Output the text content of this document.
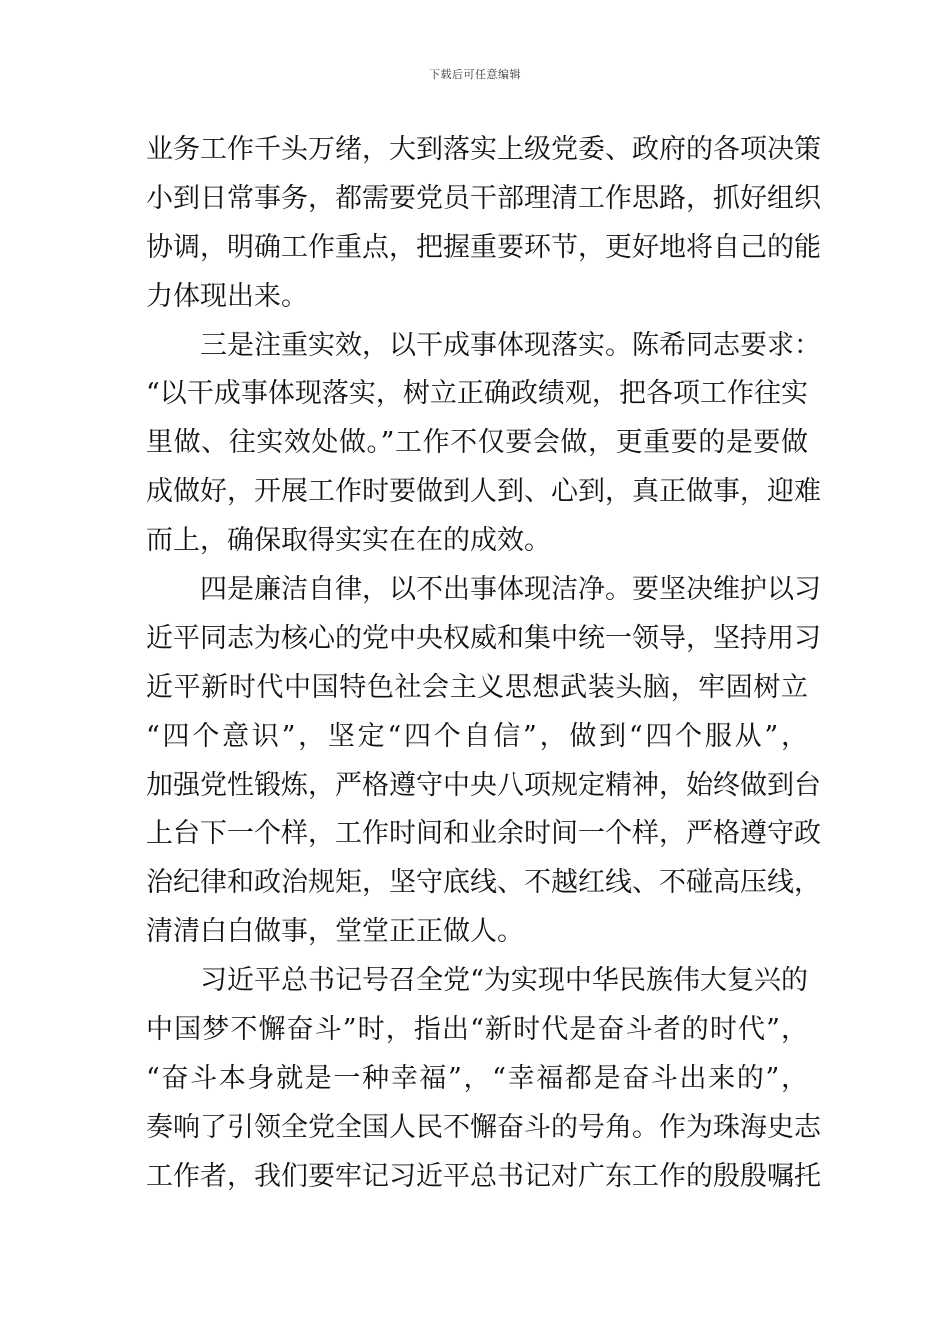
下载后可任意编辑
业务工作千头万绪，大到落实上级党委、政府的各项决策
小到日常事务，都需要党员干部理清工作思路，抓好组织
协调，明确工作重点，把握重要环节，更好地将自己的能
力体现出来。
三是注重实效，以干成事体现落实。陈希同志要求：
“以干成事体现落实，树立正确政绩观，把各项工作往实
里做、往实效处做。”工作不仅要会做，更重要的是要做
成做好，开展工作时要做到人到、心到，真正做事，迎难
而上，确保取得实实在在的成效。
四是廉洁自律，以不出事体现洁净。要坚决维护以习
近平同志为核心的党中央权威和集中统一领导，坚持用习
近平新时代中国特色社会主义思想武装头脑，牢固树立
“四个意识”，坚定“四个自信”，做到“四个服从”，
加强党性锻炼，严格遵守中央八项规定精神，始终做到台
上台下一个样，工作时间和业余时间一个样，严格遵守政
治纪律和政治规矩，坚守底线、不越红线、不碰高压线，
清清白白做事，堂堂正正做人。
习近平总书记号召全党“为实现中华民族伟大复兴的
中国梦不懈奋斗”时，指出“新时代是奋斗者的时代”，
“奋斗本身就是一种幸福”，“幸福都是奋斗出来的”，
奏响了引领全党全国人民不懈奋斗的号角。作为珠海史志
工作者，我们要牢记习近平总书记对广东工作的殷殷嘱托
